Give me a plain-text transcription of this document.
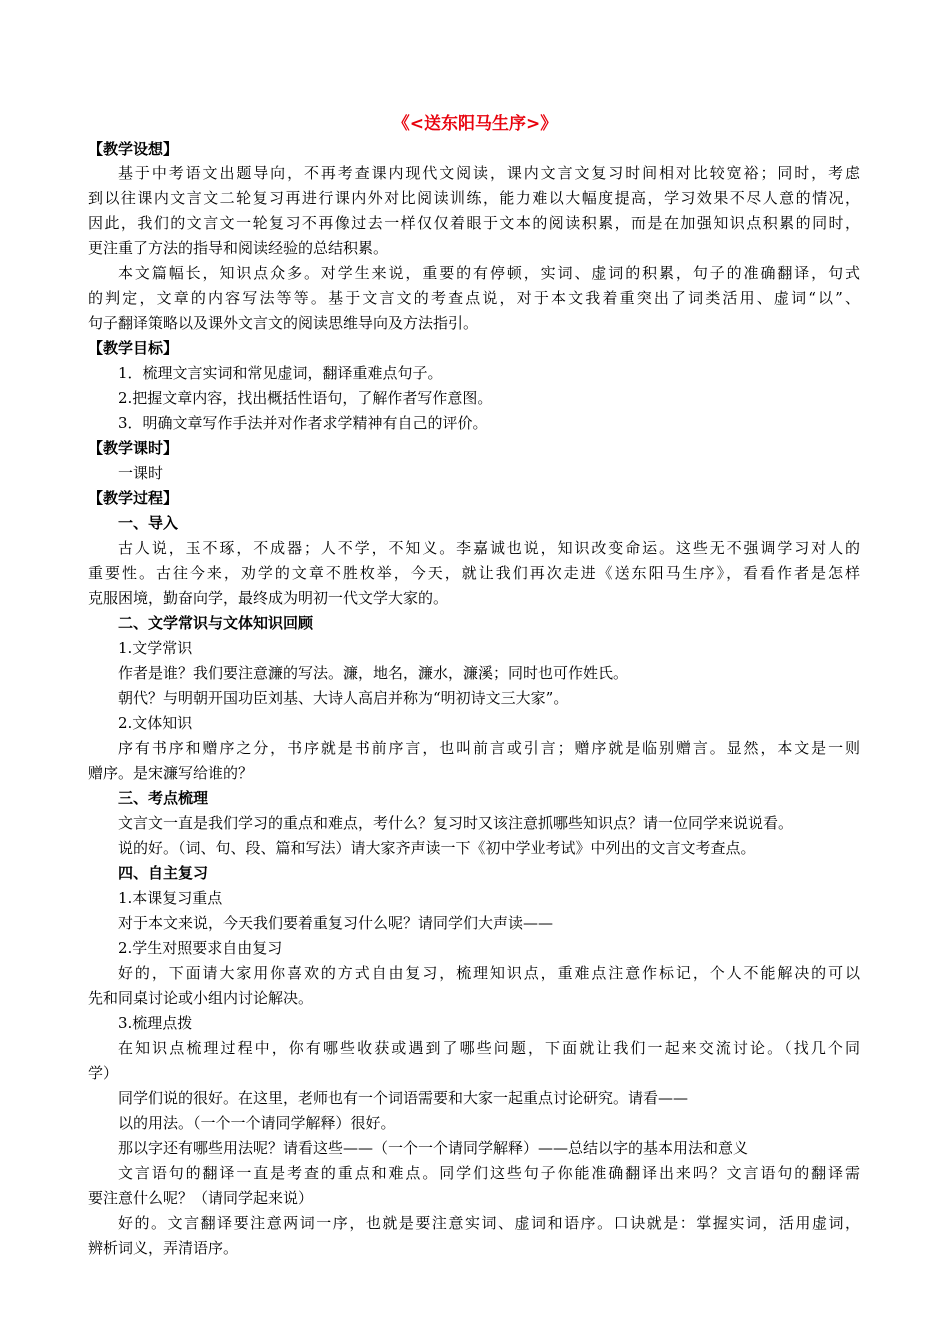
《<送东阳马生序>》
【教学设想】
基于中考语文出题导向，不再考查课内现代文阅读，课内文言文复习时间相对比较宽裕；同时，考虑
到以往课内文言文二轮复习再进行课内外对比阅读训练，能力难以大幅度提高，学习效果不尽人意的情况，
因此，我们的文言文一轮复习不再像过去一样仅仅着眼于文本的阅读积累，而是在加强知识点积累的同时，
更注重了方法的指导和阅读经验的总结积累。
本文篇幅长，知识点众多。对学生来说，重要的有停顿，实词、虚词的积累，句子的准确翻译，句式
的判定，文章的内容写法等等。基于文言文的考查点说，对于本文我着重突出了词类活用、虚词“以”、
句子翻译策略以及课外文言文的阅读思维导向及方法指引。
【教学目标】
1．梳理文言实词和常见虚词，翻译重难点句子。
2.把握文章内容，找出概括性语句，了解作者写作意图。
3．明确文章写作手法并对作者求学精神有自己的评价。
【教学课时】
一课时
【教学过程】
一、导入
古人说，玉不琢，不成器；人不学，不知义。李嘉诚也说，知识改变命运。这些无不强调学习对人的
重要性。古往今来，劝学的文章不胜枚举，今天，就让我们再次走进《送东阳马生序》，看看作者是怎样
克服困境，勤奋向学，最终成为明初一代文学大家的。
二、文学常识与文体知识回顾
1.文学常识
作者是谁？我们要注意濂的写法。濂，地名，濂水，濂溪；同时也可作姓氏。
朝代？与明朝开国功臣刘基、大诗人高启并称为“明初诗文三大家”。
2.文体知识
序有书序和赠序之分，书序就是书前序言，也叫前言或引言；赠序就是临别赠言。显然，本文是一则
赠序。是宋濂写给谁的？
三、考点梳理
文言文一直是我们学习的重点和难点，考什么？复习时又该注意抓哪些知识点？请一位同学来说说看。
说的好。（词、句、段、篇和写法）请大家齐声读一下《初中学业考试》中列出的文言文考查点。
四、自主复习
1.本课复习重点
对于本文来说，今天我们要着重复习什么呢？请同学们大声读——
2.学生对照要求自由复习
好的，下面请大家用你喜欢的方式自由复习，梳理知识点，重难点注意作标记，个人不能解决的可以
先和同桌讨论或小组内讨论解决。
3.梳理点拨
在知识点梳理过程中，你有哪些收获或遇到了哪些问题，下面就让我们一起来交流讨论。（找几个同
学）
同学们说的很好。在这里，老师也有一个词语需要和大家一起重点讨论研究。请看——
以的用法。（一个一个请同学解释）很好。
那以字还有哪些用法呢？请看这些——（一个一个请同学解释）——总结以字的基本用法和意义
文言语句的翻译一直是考查的重点和难点。同学们这些句子你能准确翻译出来吗？文言语句的翻译需
要注意什么呢？（请同学起来说）
好的。文言翻译要注意两词一序，也就是要注意实词、虚词和语序。口诀就是：掌握实词，活用虚词，
辨析词义，弄清语序。
